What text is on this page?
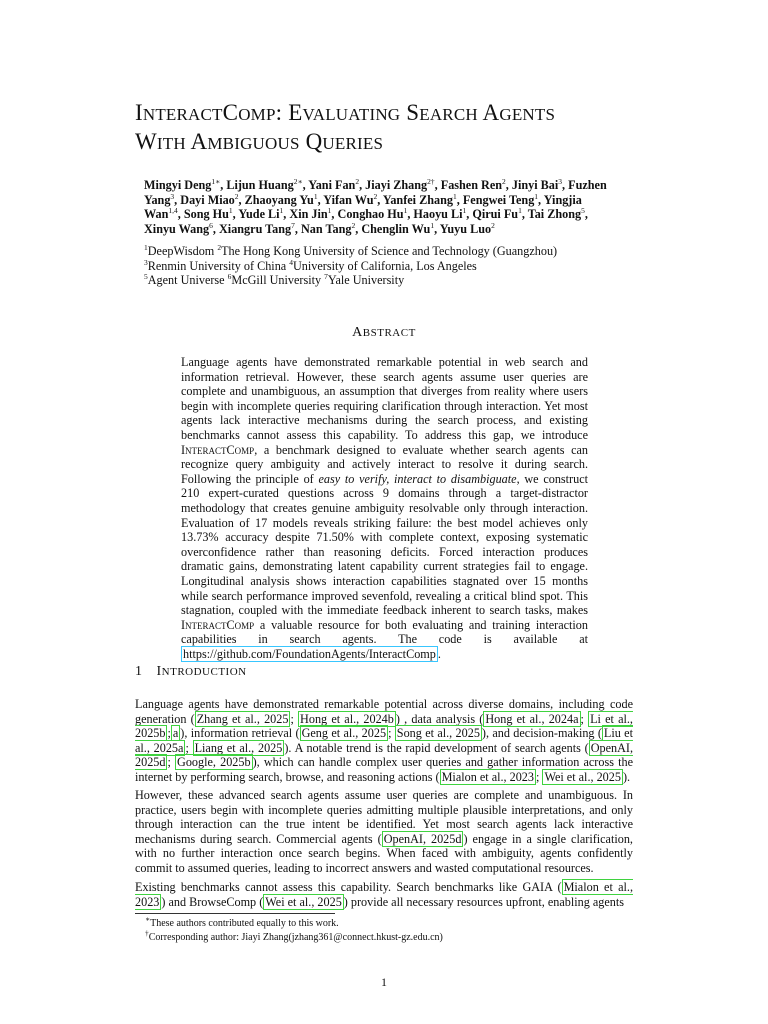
INTERACTCOMP: EVALUATING SEARCH AGENTS
WITH AMBIGUOUS QUERIES
Mingyi Deng$^{1∗}$, Lijun Huang$^{2∗}$, Yani Fan$^2$, Jiayi Zhang$^{2\dagger}$, Fashen Ren$^2$, Jinyi Bai$^3$, Fuzhen Yang$^3$, Dayi Miao$^2$, Zhaoyang Yu$^1$, Yifan Wu$^2$, Yanfei Zhang$^1$, Fengwei Teng$^1$, Yingjia Wan$^{1,4}$, Song Hu$^1$, Yude Li$^1$, Xin Jin$^1$, Conghao Hu$^1$, Haoyu Li$^1$, Qirui Fu$^1$, Tai Zhong$^5$, Xinyu Wang$^6$, Xiangru Tang$^7$, Nan Tang$^2$, Chenglin Wu$^1$, Yuyu Luo$^2$
$^1$DeepWisdom $^2$The Hong Kong University of Science and Technology (Guangzhou)
$^3$Renmin University of China $^4$University of California, Los Angeles
$^5$Agent Universe $^6$McGill University $^7$Yale University
ABSTRACT

Language agents have demonstrated remarkable potential in web search and information retrieval. However, these search agents assume user queries are complete and unambiguous, an assumption that diverges from reality where users begin with incomplete queries requiring clarification through interaction. Yet most agents lack interactive mechanisms during the search process, and existing benchmarks cannot assess this capability. To address this gap, we introduce InteractComp, a benchmark designed to evaluate whether search agents can recognize query ambiguity and actively interact to resolve it during search. Following the principle of easy to verify, interact to disambiguate, we construct 210 expert-curated questions across 9 domains through a target-distractor methodology that creates genuine ambiguity resolvable only through interaction. Evaluation of 17 models reveals striking failure: the best model achieves only 13.73% accuracy despite 71.50% with complete context, exposing systematic overconfidence rather than reasoning deficits. Forced interaction produces dramatic gains, demonstrating latent capability current strategies fail to engage. Longitudinal analysis shows interaction capabilities stagnated over 15 months while search performance improved sevenfold, revealing a critical blind spot. This stagnation, coupled with the immediate feedback inherent to search tasks, makes InteractComp a valuable resource for both evaluating and training interaction capabilities in search agents. The code is available at https://github.com/FoundationAgents/InteractComp .

1 INTRODUCTION

Language agents have demonstrated remarkable potential across diverse domains, including code generation ( Zhang et al., 2025 ; Hong et al., 2024b ) , data analysis ( Hong et al., 2024a ; Li et al., 2025b ; a ), information retrieval ( Geng et al., 2025 ; Song et al., 2025 ), and decision-making ( Liu et al., 2025a ; Liang et al., 2025 ). A notable trend is the rapid development of search agents ( OpenAI, 2025d ; Google, 2025b ), which can handle complex user queries and gather information across the internet by performing search, browse, and reasoning actions ( Mialon et al., 2023 ; Wei et al., 2025 ).

However, these advanced search agents assume user queries are complete and unambiguous. In practice, users begin with incomplete queries admitting multiple plausible interpretations, and only through interaction can the true intent be identified. Yet most search agents lack interactive mechanisms during search. Commercial agents ( OpenAI, 2025d ) engage in a single clarification, with no further interaction once search begins. When faced with ambiguity, agents confidently commit to assumed queries, leading to incorrect answers and wasted computational resources.

Existing benchmarks cannot assess this capability. Search benchmarks like GAIA ( Mialon et al., 2023 ) and BrowseComp ( Wei et al., 2025 ) provide all necessary resources upfront, enabling agents

∗These authors contributed equally to this work.
†Corresponding author: Jiayi Zhang(jzhang361@connect.hkust-gz.edu.cn)
1
